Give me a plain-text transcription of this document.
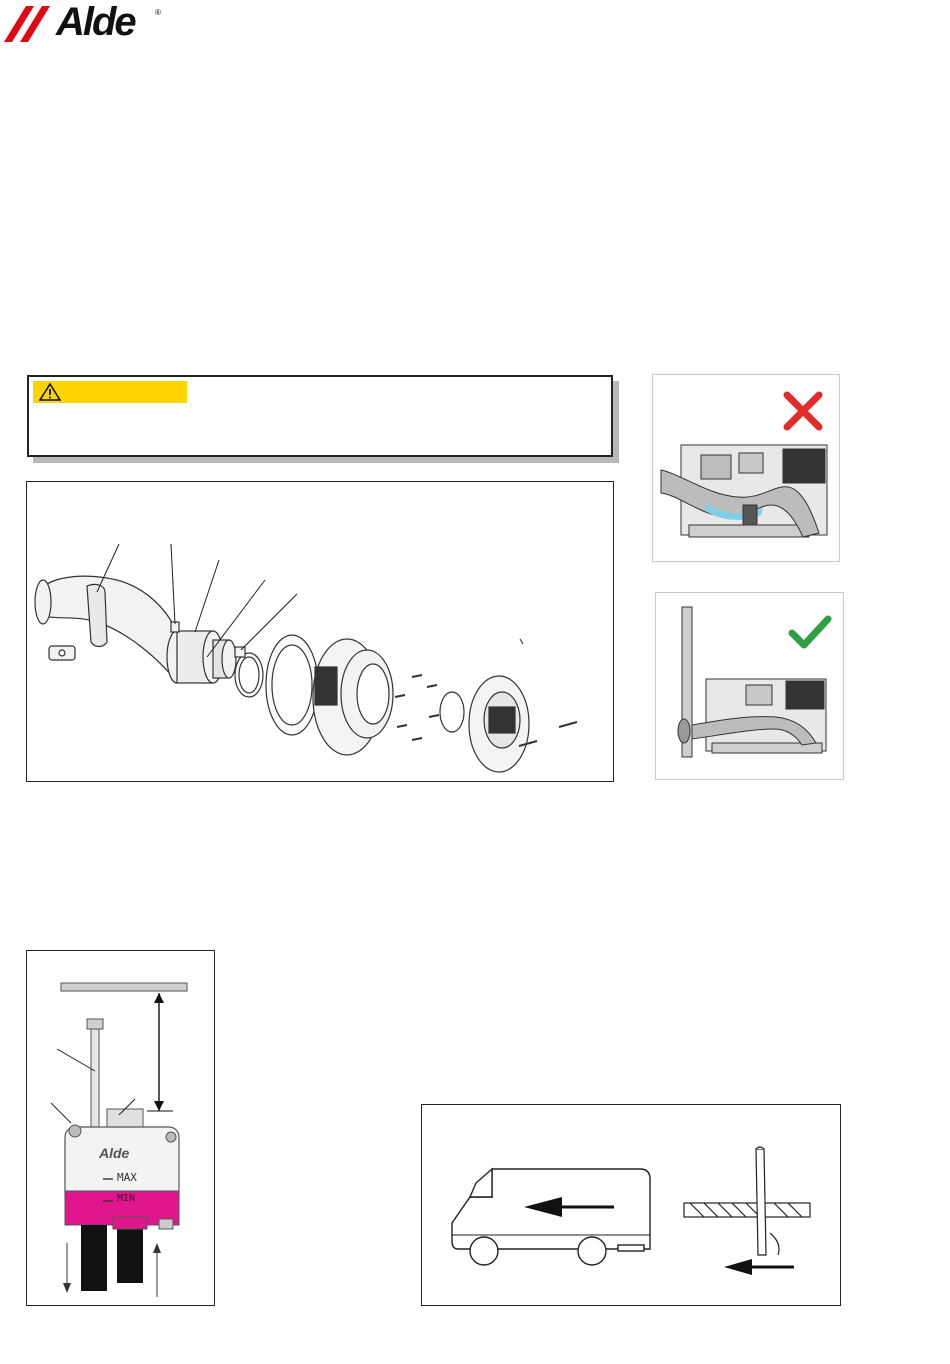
Alde	®
Alde
MAX
MIN
